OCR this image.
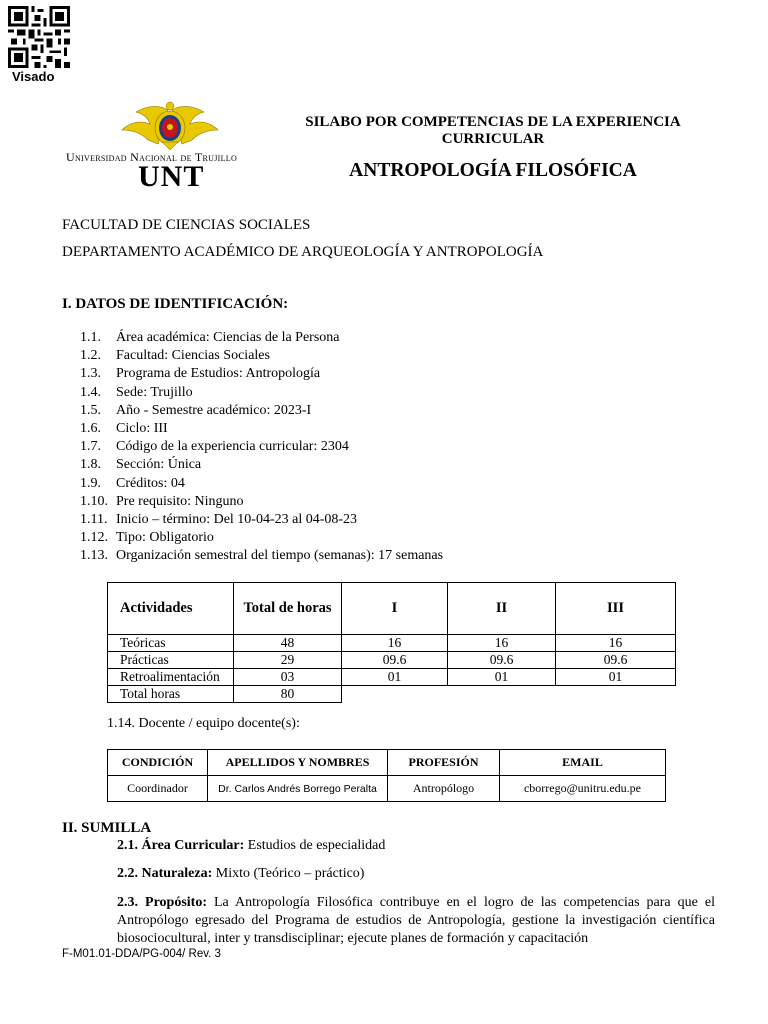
Visado
Universidad Nacional de Trujillo
UNT
SILABO POR COMPETENCIAS DE LA EXPERIENCIA CURRICULAR
ANTROPOLOGÍA FILOSÓFICA
FACULTAD DE CIENCIAS SOCIALES
DEPARTAMENTO ACADÉMICO DE ARQUEOLOGÍA Y ANTROPOLOGÍA
I. DATOS DE IDENTIFICACIÓN:
1.1. Área académica: Ciencias de la Persona
1.2. Facultad: Ciencias Sociales
1.3. Programa de Estudios: Antropología
1.4. Sede: Trujillo
1.5. Año - Semestre académico: 2023-I
1.6. Ciclo: III
1.7. Código de la experiencia curricular: 2304
1.8. Sección: Única
1.9. Créditos: 04
1.10. Pre requisito: Ninguno
1.11. Inicio – término: Del 10-04-23 al 04-08-23
1.12. Tipo: Obligatorio
1.13. Organización semestral del tiempo (semanas): 17 semanas
Actividades	Total de horas	I	II	III
Teóricas	48	16	16	16
Prácticas	29	09.6	09.6	09.6
Retroalimentación	03	01	01	01
Total horas	80			
1.14. Docente / equipo docente(s):
CONDICIÓN	APELLIDOS Y NOMBRES	PROFESIÓN	EMAIL
Coordinador	Dr. Carlos Andrés Borrego Peralta	Antropólogo	cborrego@unitru.edu.pe
II. SUMILLA
2.1. Área Curricular: Estudios de especialidad
2.2. Naturaleza: Mixto (Teórico – práctico)
2.3. Propósito: La Antropología Filosófica contribuye en el logro de las competencias para que el Antropólogo egresado del Programa de estudios de Antropología, gestione la investigación científica biosociocultural, inter y transdisciplinar; ejecute planes de formación y capacitación
F-M01.01-DDA/PG-004/ Rev. 3
